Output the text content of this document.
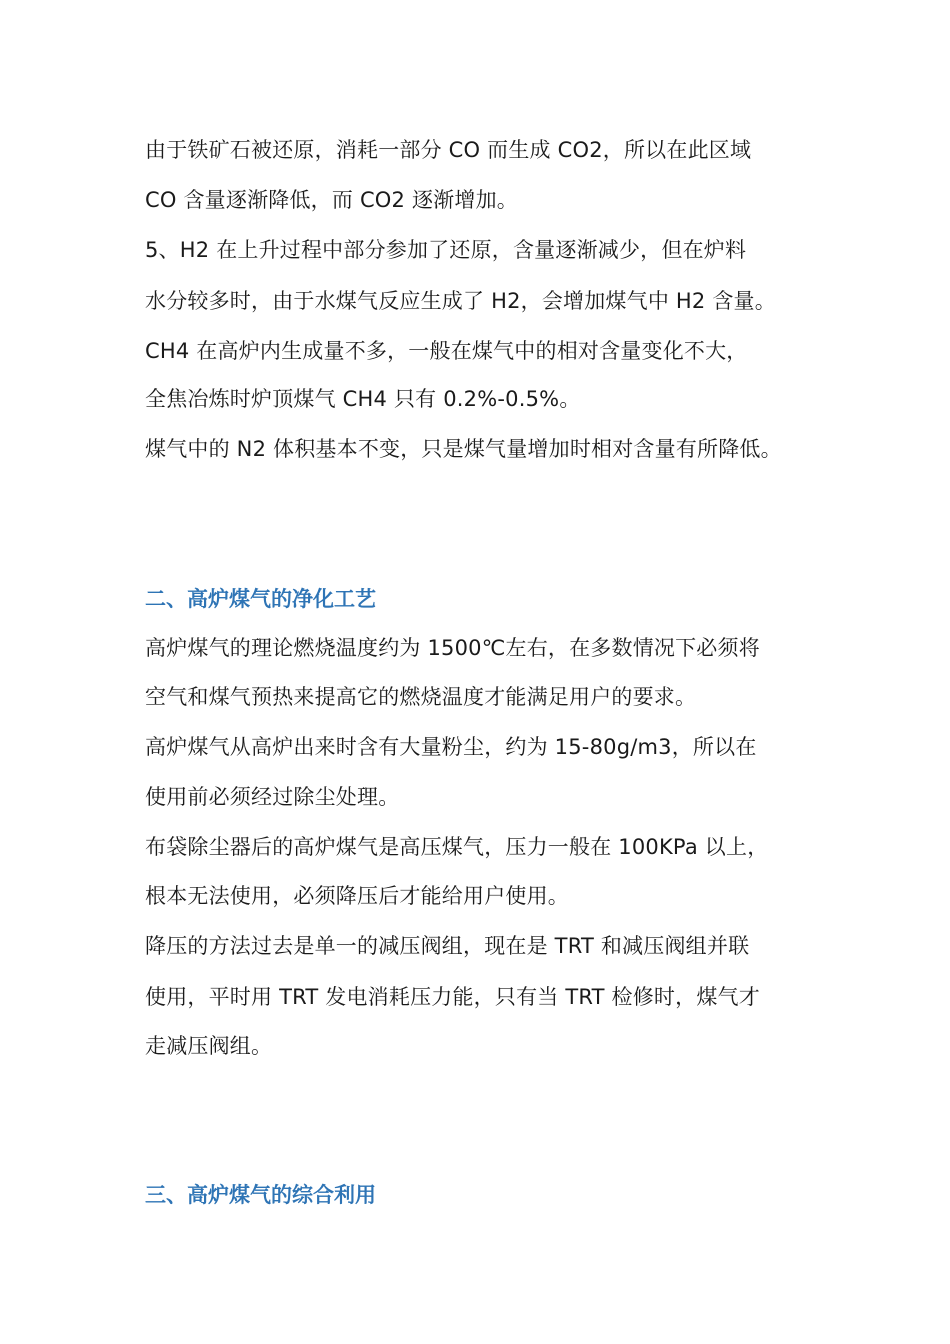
由于铁矿石被还原，消耗一部分 CO 而生成 CO2，所以在此区域
CO 含量逐渐降低，而 CO2 逐渐增加。
5、H2 在上升过程中部分参加了还原，含量逐渐减少，但在炉料
水分较多时，由于水煤气反应生成了 H2，会增加煤气中 H2 含量。
CH4 在高炉内生成量不多，一般在煤气中的相对含量变化不大，
全焦冶炼时炉顶煤气 CH4 只有 0.2%-0.5%。
煤气中的 N2 体积基本不变，只是煤气量增加时相对含量有所降低。
二、高炉煤气的净化工艺
高炉煤气的理论燃烧温度约为 1500℃左右，在多数情况下必须将
空气和煤气预热来提高它的燃烧温度才能满足用户的要求。
高炉煤气从高炉出来时含有大量粉尘，约为 15-80g/m3，所以在
使用前必须经过除尘处理。
布袋除尘器后的高炉煤气是高压煤气，压力一般在 100KPa 以上，
根本无法使用，必须降压后才能给用户使用。
降压的方法过去是单一的减压阀组，现在是 TRT 和减压阀组并联
使用，平时用 TRT 发电消耗压力能，只有当 TRT 检修时，煤气才
走减压阀组。
三、高炉煤气的综合利用
